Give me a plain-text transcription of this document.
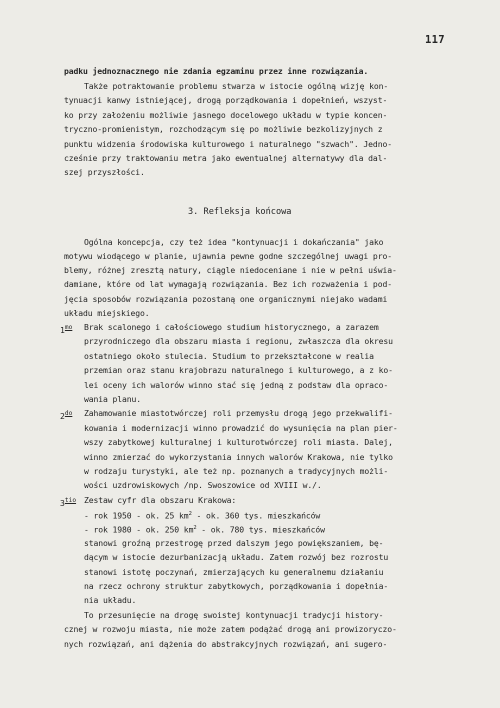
117
padku jednoznacznego nie zdania egzaminu przez inne rozwiązania.
Także potraktowanie problemu stwarza w istocie ogólną wizję kon-
tynuacji kanwy istniejącej, drogą porządkowania i dopełnień, wszyst-
ko przy założeniu możliwie jasnego docelowego układu w typie koncen-
tryczno-promienistym, rozchodzącym się po możliwie bezkolizyjnych z
punktu widzenia środowiska kulturowego i naturalnego "szwach". Jedno-
cześnie przy traktowaniu metra jako ewentualnej alternatywy dla dal-
szej przyszłości.
3. Refleksja końcowa
Ogólna koncepcja, czy też idea "kontynuacji i dokańczania" jako
motywu wiodącego w planie, ujawnia pewne godne szczególnej uwagi pro-
blemy, różnej zresztą natury, ciągle niedoceniane i nie w pełni uświa-
damiane, które od lat wymagają rozwiązania. Bez ich rozważenia i pod-
jęcia sposobów rozwiązania pozostaną one organicznymi niejako wadami
układu miejskiego.
$1^{mo}$ Brak scalonego i całościowego studium historycznego, a zarazem
przyrodniczego dla obszaru miasta i regionu, zwłaszcza dla okresu
ostatniego około stulecia. Studium to przekształcone w realia
przemian oraz stanu krajobrazu naturalnego i kulturowego, a z ko-
lei oceny ich walorów winno stać się jedną z podstaw dla opraco-
wania planu.
$2^{do}$ Zahamowanie miastotwórczej roli przemysłu drogą jego przekwalifi-
kowania i modernizacji winno prowadzić do wysunięcia na plan pier-
wszy zabytkowej kulturalnej i kulturotwórczej roli miasta. Dalej,
winno zmierzać do wykorzystania innych walorów Krakowa, nie tylko
w rodzaju turystyki, ale też np. poznanych a tradycyjnych możli-
wości uzdrowiskowych /np. Swoszowice od XVIII w./.
$3^{tio}$ Zestaw cyfr dla obszaru Krakowa:
- rok 1950 - ok. 25 $km^2$ - ok. 360 tys. mieszkańców
- rok 1980 - ok. 250 $km^2$ - ok. 780 tys. mieszkańców
stanowi groźną przestrogę przed dalszym jego powiększaniem, bę-
dącym w istocie dezurbanizacją układu. Zatem rozwój bez rozrostu
stanowi istotę poczynań, zmierzających ku generalnemu działaniu
na rzecz ochrony struktur zabytkowych, porządkowania i dopełnia-
nia układu.
To przesunięcie na drogę swoistej kontynuacji tradycji history-
cznej w rozwoju miasta, nie może zatem podążać drogą ani prowizoryczo-
nych rozwiązań, ani dążenia do abstrakcyjnych rozwiązań, ani sugero-
